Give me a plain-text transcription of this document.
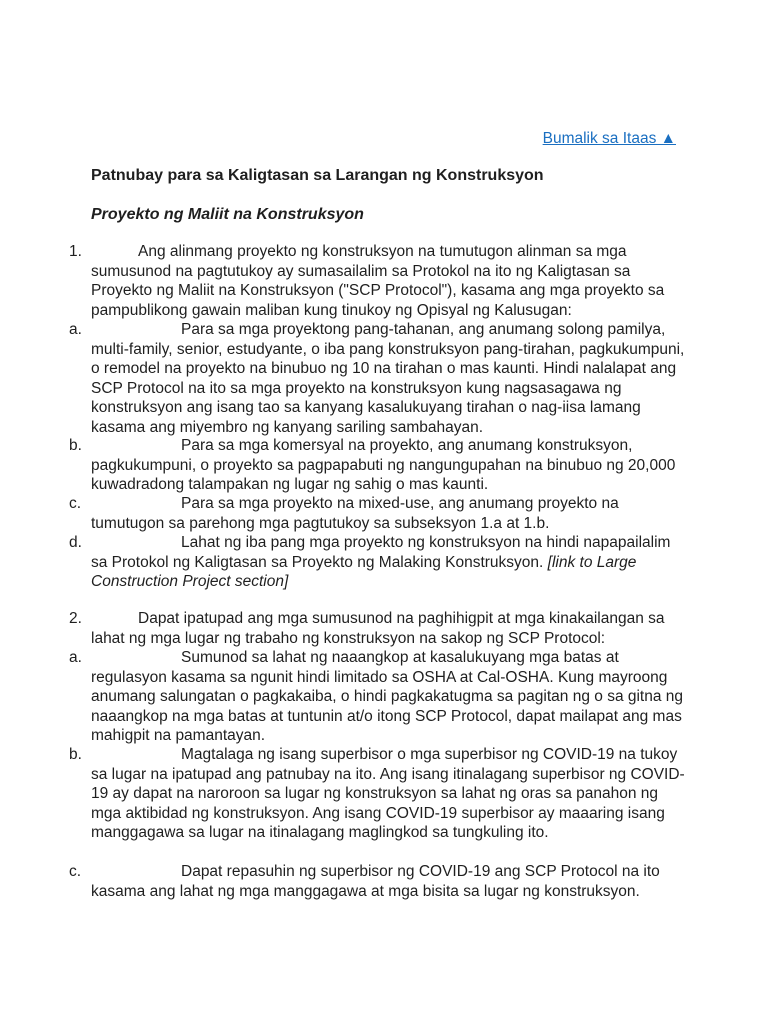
Bumalik sa Itaas ▲
Patnubay para sa Kaligtasan sa Larangan ng Konstruksyon
Proyekto ng Maliit na Konstruksyon
1.	Ang alinmang proyekto ng konstruksyon na tumutugon alinman sa mga sumusunod na pagtutukoy ay sumasailalim sa Protokol na ito ng Kaligtasan sa Proyekto ng Maliit na Konstruksyon ("SCP Protocol"), kasama ang mga proyekto sa pampublikong gawain maliban kung tinukoy ng Opisyal ng Kalusugan:
a.	Para sa mga proyektong pang-tahanan, ang anumang solong pamilya, multi-family, senior, estudyante, o iba pang konstruksyon pang-tirahan, pagkukumpuni, o remodel na proyekto na binubuo ng 10 na tirahan o mas kaunti. Hindi nalalapat ang SCP Protocol na ito sa mga proyekto na konstruksyon kung nagsasagawa ng konstruksyon ang isang tao sa kanyang kasalukuyang tirahan o nag-iisa lamang kasama ang miyembro ng kanyang sariling sambahayan.
b.	Para sa mga komersyal na proyekto, ang anumang konstruksyon, pagkukumpuni, o proyekto sa pagpapabuti ng nangungupahan na binubuo ng 20,000 kuwadradong talampakan ng lugar ng sahig o mas kaunti.
c.	Para sa mga proyekto na mixed-use, ang anumang proyekto na tumutugon sa parehong mga pagtutukoy sa subseksyon 1.a at 1.b.
d.	Lahat ng iba pang mga proyekto ng konstruksyon na hindi napapailalim sa Protokol ng Kaligtasan sa Proyekto ng Malaking Konstruksyon. [link to Large Construction Project section]
2.	Dapat ipatupad ang mga sumusunod na paghihigpit at mga kinakailangan sa lahat ng mga lugar ng trabaho ng konstruksyon na sakop ng SCP Protocol:
a.	Sumunod sa lahat ng naaangkop at kasalukuyang mga batas at regulasyon kasama sa ngunit hindi limitado sa OSHA at Cal-OSHA. Kung mayroong anumang salungatan o pagkakaiba, o hindi pagkakatugma sa pagitan ng o sa gitna ng naaangkop na mga batas at tuntunin at/o itong SCP Protocol, dapat mailapat ang mas mahigpit na pamantayan.
b.	Magtalaga ng isang superbisor o mga superbisor ng COVID-19 na tukoy sa lugar na ipatupad ang patnubay na ito. Ang isang itinalagang superbisor ng COVID-19 ay dapat na naroroon sa lugar ng konstruksyon sa lahat ng oras sa panahon ng mga aktibidad ng konstruksyon. Ang isang COVID-19 superbisor ay maaaring isang manggagawa sa lugar na itinalagang maglingkod sa tungkuling ito.
c.	Dapat repasuhin ng superbisor ng COVID-19 ang SCP Protocol na ito kasama ang lahat ng mga manggagawa at mga bisita sa lugar ng konstruksyon.
